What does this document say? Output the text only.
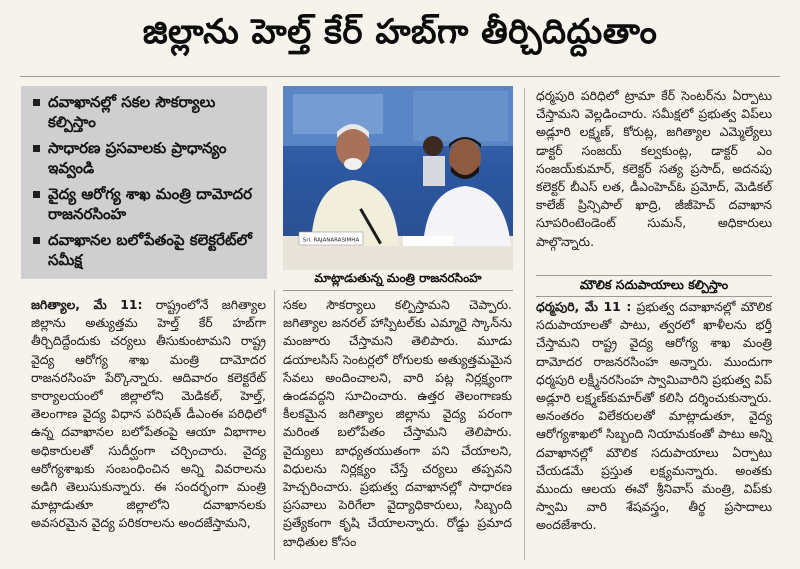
జిల్లాను హెల్త్ కేర్ హబ్‌గా తీర్చిదిద్దుతాం
దవాఖానల్లో సకల సౌకర్యాలు కల్పిస్తాం
సాధారణ ప్రసవాలకు ప్రాధాన్యం ఇవ్వండి
వైద్య ఆరోగ్య శాఖ మంత్రి దామోదర రాజనరసింహ
దవాఖానల బలోపేతంపై కలెక్టరేట్‌లో సమీక్ష
Sri. RAJANARASIMHA
మాట్లాడుతున్న మంత్రి రాజనరసింహ

జగిత్యాల, మే 11: రాష్ట్రంలోనే జగిత్యాల జిల్లాను అత్యుత్తమ హెల్త్ కేర్ హబ్‌గా తీర్చిదిద్దేందుకు చర్యలు తీసుకుంటామని రాష్ట్ర వైద్య ఆరోగ్య శాఖ మంత్రి దామోదర రాజనరసింహ పేర్కొన్నారు. ఆదివారం కలెక్టరేట్ కార్యాలయంలో జిల్లాలోని మెడికల్, హెల్త్, తెలంగాణ వైద్య విధాన పరిషత్ డీఎంఈ పరిధిలో ఉన్న దవాఖానల బలోపేతంపై ఆయా విభాగాల అధికారులతో సుదీర్ఘంగా చర్చించారు. వైద్య ఆరోగ్యశాఖకు సంబంధించిన అన్ని వివరాలను అడిగి తెలుసుకున్నారు. ఈ సందర్భంగా మంత్రి మాట్లాడుతూ జిల్లాలోని దవాఖానలకు అవసరమైన వైద్య పరికరాలను అందజేస్తామని,

సకల సౌకర్యాలు కల్పిస్తామని చెప్పారు. జగిత్యాల జనరల్ హాస్పిటల్‌కు ఎమ్మారై స్కాన్‌ను మంజూరు చేస్తామని తెలిపారు. మూడు డయాలసిస్ సెంటర్లలో రోగులకు అత్యుత్తమమైన సేవలు అందించాలని, వారి పట్ల నిర్లక్ష్యంగా ఉండవద్దని సూచించారు. ఉత్తర తెలంగాణకు కీలకమైన జగిత్యాల జిల్లాను వైద్య పరంగా మరింత బలోపేతం చేస్తామని తెలిపారు. వైద్యులు బాధ్యతయుతంగా పని చేయాలని, విధులను నిర్లక్ష్యం చేస్తే చర్యలు తప్పవని హెచ్చరించారు. ప్రభుత్వ దవాఖానల్లో సాధారణ ప్రసవాలు పెరిగేలా వైద్యాధికారులు, సిబ్బంది ప్రత్యేకంగా కృషి చేయాలన్నారు. రోడ్డు ప్రమాద బాధితుల కోసం

ధర్మపురి పరిధిలో ట్రామా కేర్ సెంటర్‌ను ఏర్పాటు చేస్తామని వెల్లడించారు. సమీక్షలో ప్రభుత్వ విప్‌లు అడ్లూరి లక్ష్మణ్, కోరుట్ల, జగిత్యాల ఎమ్మెల్యేలు డాక్టర్ సంజయ్ కల్వకుంట్ల, డాక్టర్ ఎం సంజయ్‌కుమార్, కలెక్టర్ సత్య ప్రసాద్, అదనపు కలెక్టర్ బీఎస్ లత, డీఎంహెచ్‌ఓ ప్రమోద్, మెడికల్ కాలేజ్ ప్రిన్సిపాల్ ఖాద్రి, జీజీహెచ్ దవాఖాన సూపరింటెండెంట్ సుమన్, అధికారులు పాల్గొన్నారు.

మౌలిక సదుపాయాలు కల్పిస్తాం

ధర్మపురి, మే 11 : ప్రభుత్వ దవాఖానల్లో మౌలిక సదుపాయాలతో పాటు, త్వరలో ఖాళీలను భర్తీ చేస్తామని రాష్ట్ర వైద్య ఆరోగ్య శాఖ మంత్రి దామోదర రాజనరసింహ అన్నారు. ముందుగా ధర్మపురి లక్ష్మీనరసింహ స్వామివారిని ప్రభుత్వ విప్ అడ్లూరి లక్ష్మణ్‌కుమార్‌తో కలిసి దర్శించుకున్నారు. అనంతరం విలేకరులతో మాట్లాడుతూ, వైద్య ఆరోగ్యశాఖలో సిబ్బంది నియామకంతో పాటు అన్ని దవాఖానల్లో మౌలిక సదుపాయాలు ఏర్పాటు చేయడమే ప్రస్తుత లక్ష్యమన్నారు. అంతకు ముందు ఆలయ ఈవో శ్రీనివాస్ మంత్రి, విప్‌కు స్వామి వారి శేషవస్త్రం, తీర్థ ప్రసాదాలు అందజేశారు.
